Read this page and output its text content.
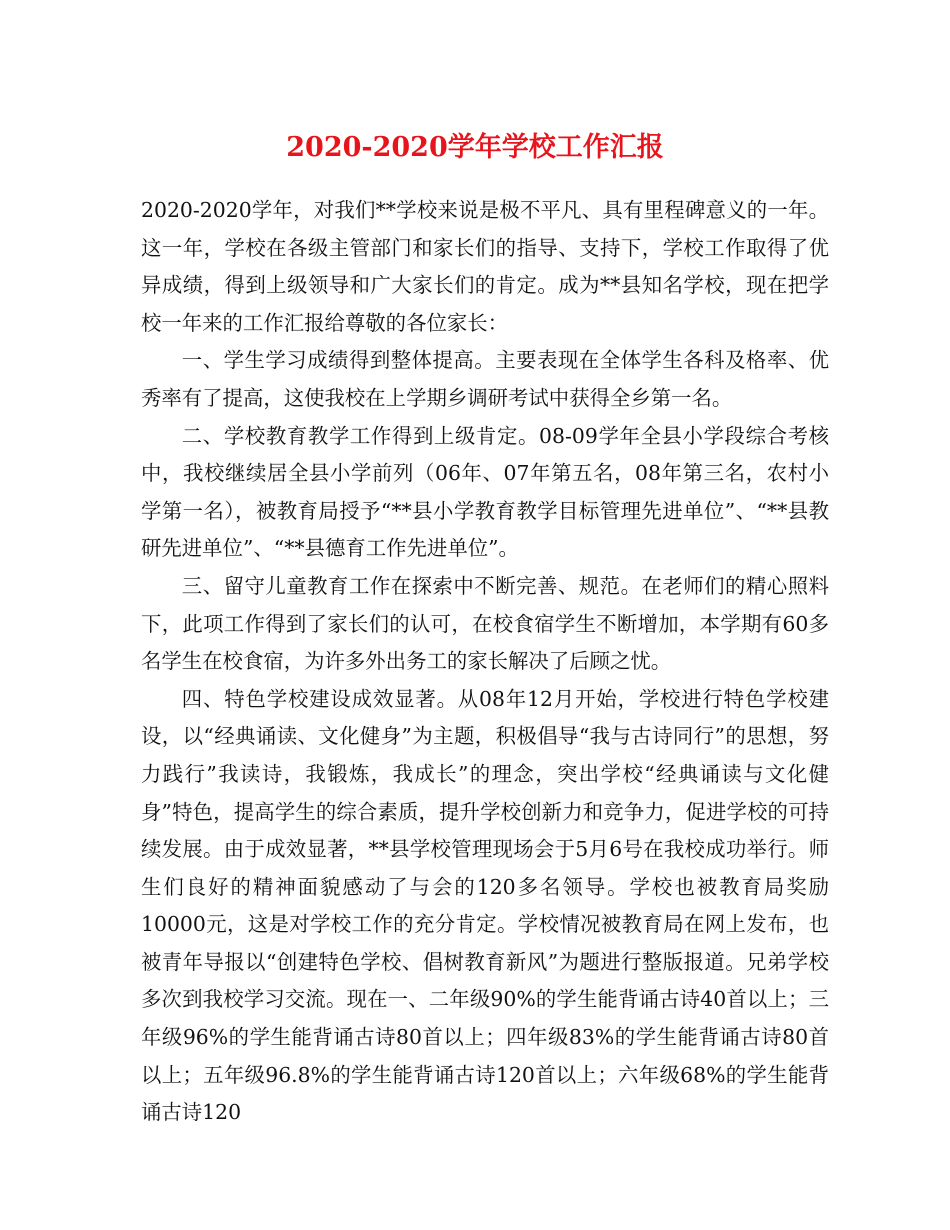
2020-2020学年学校工作汇报

2020-2020学年，对我们**学校来说是极不平凡、具有里程碑意义的一年。这一年，学校在各级主管部门和家长们的指导、支持下，学校工作取得了优异成绩，得到上级领导和广大家长们的肯定。成为**县知名学校，现在把学校一年来的工作汇报给尊敬的各位家长：

一、学生学习成绩得到整体提高。主要表现在全体学生各科及格率、优秀率有了提高，这使我校在上学期乡调研考试中获得全乡第一名。

二、学校教育教学工作得到上级肯定。08-09学年全县小学段综合考核中，我校继续居全县小学前列（06年、07年第五名，08年第三名，农村小学第一名），被教育局授予“**县小学教育教学目标管理先进单位”、“**县教研先进单位”、“**县德育工作先进单位”。

三、留守儿童教育工作在探索中不断完善、规范。在老师们的精心照料下，此项工作得到了家长们的认可，在校食宿学生不断增加，本学期有60多名学生在校食宿，为许多外出务工的家长解决了后顾之忧。

四、特色学校建设成效显著。从08年12月开始，学校进行特色学校建设，以“经典诵读、文化健身”为主题，积极倡导“我与古诗同行”的思想，努力践行”我读诗，我锻炼，我成长”的理念，突出学校“经典诵读与文化健身”特色，提高学生的综合素质，提升学校创新力和竞争力，促进学校的可持续发展。由于成效显著，**县学校管理现场会于5月6号在我校成功举行。师生们良好的精神面貌感动了与会的120多名领导。学校也被教育局奖励10000元，这是对学校工作的充分肯定。学校情况被教育局在网上发布，也被青年导报以“创建特色学校、倡树教育新风”为题进行整版报道。兄弟学校多次到我校学习交流。现在一、二年级90%的学生能背诵古诗40首以上；三年级96%的学生能背诵古诗80首以上；四年级83%的学生能背诵古诗80首以上；五年级96.8%的学生能背诵古诗120首以上；六年级68%的学生能背诵古诗120
